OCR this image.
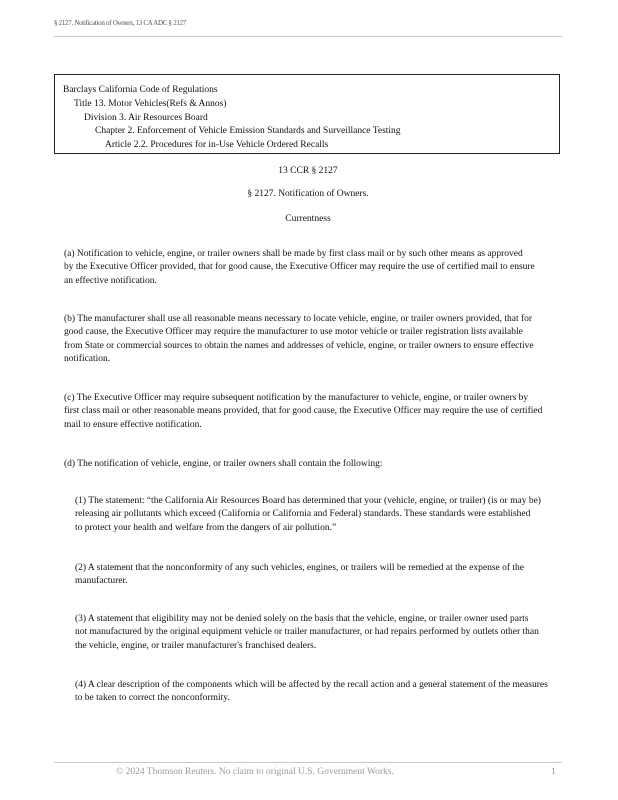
§ 2127. Notification of Owners, 13 CA ADC § 2127
Barclays California Code of Regulations
Title 13. Motor Vehicles(Refs & Annos)
Division 3. Air Resources Board
Chapter 2. Enforcement of Vehicle Emission Standards and Surveillance Testing
Article 2.2. Procedures for in-Use Vehicle Ordered Recalls
13 CCR § 2127
§ 2127. Notification of Owners.
Currentness
(a) Notification to vehicle, engine, or trailer owners shall be made by first class mail or by such other means as approved
by the Executive Officer provided, that for good cause, the Executive Officer may require the use of certified mail to ensure
an effective notification.
(b) The manufacturer shall use all reasonable means necessary to locate vehicle, engine, or trailer owners provided, that for
good cause, the Executive Officer may require the manufacturer to use motor vehicle or trailer registration lists available
from State or commercial sources to obtain the names and addresses of vehicle, engine, or trailer owners to ensure effective
notification.
(c) The Executive Officer may require subsequent notification by the manufacturer to vehicle, engine, or trailer owners by
first class mail or other reasonable means provided, that for good cause, the Executive Officer may require the use of certified
mail to ensure effective notification.
(d) The notification of vehicle, engine, or trailer owners shall contain the following:
(1) The statement: “the California Air Resources Board has determined that your (vehicle, engine, or trailer) (is or may be)
releasing air pollutants which exceed (California or California and Federal) standards. These standards were established
to protect your health and welfare from the dangers of air pollution.”
(2) A statement that the nonconformity of any such vehicles, engines, or trailers will be remedied at the expense of the
manufacturer.
(3) A statement that eligibility may not be denied solely on the basis that the vehicle, engine, or trailer owner used parts
not manufactured by the original equipment vehicle or trailer manufacturer, or had repairs performed by outlets other than
the vehicle, engine, or trailer manufacturer's franchised dealers.
(4) A clear description of the components which will be affected by the recall action and a general statement of the measures
to be taken to correct the nonconformity.
© 2024 Thomson Reuters. No claim to original U.S. Government Works.	1
